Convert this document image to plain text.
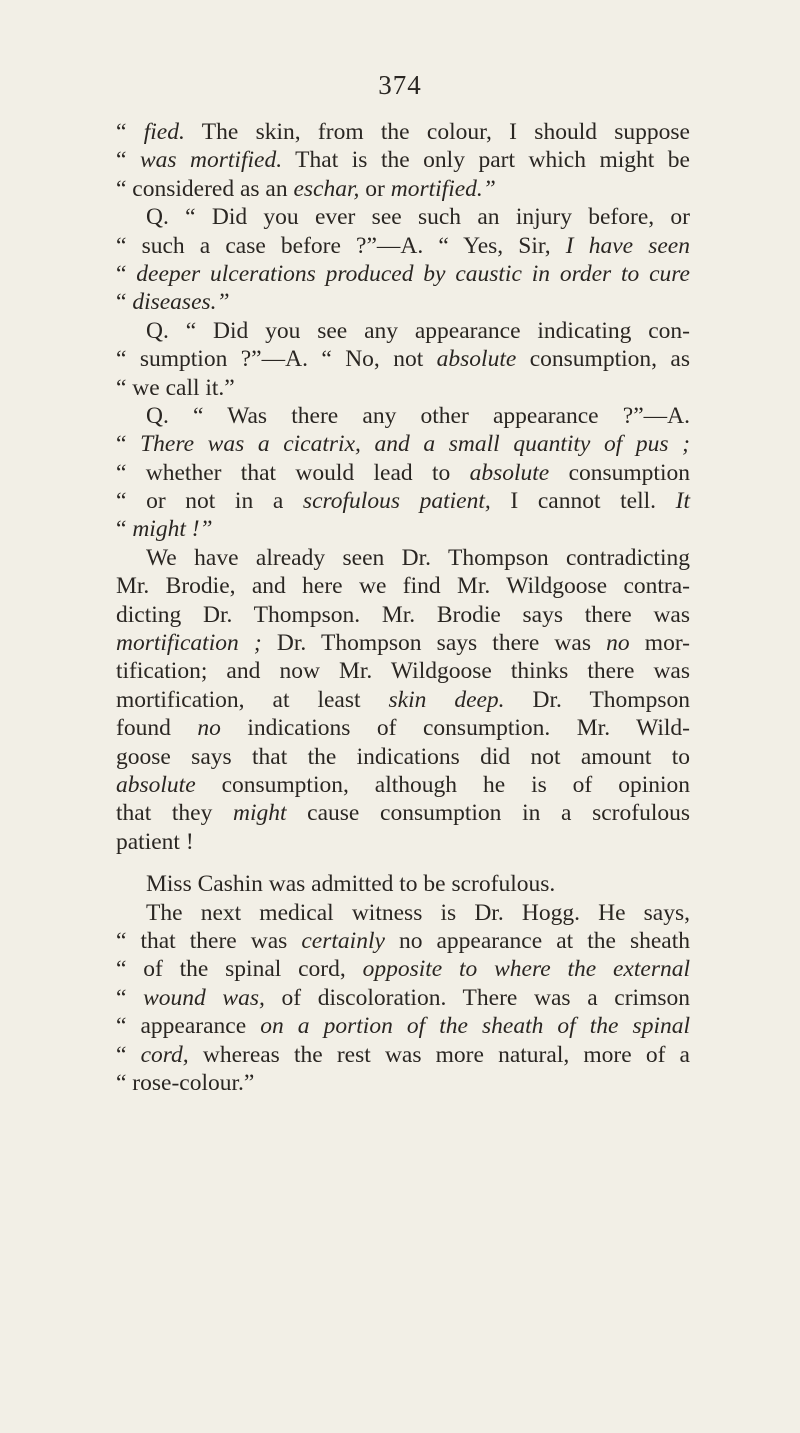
374
“ fied. The skin, from the colour, I should suppose
“ was mortified. That is the only part which might be
“ considered as an eschar, or mortified.”
Q. “ Did you ever see such an injury before, or
“ such a case before ?”—A. “ Yes, Sir, I have seen
“ deeper ulcerations produced by caustic in order to cure
“ diseases.”
Q. “ Did you see any appearance indicating con-
“ sumption ?”—A. “ No, not absolute consumption, as
“ we call it.”
Q. “ Was there any other appearance ?”—A.
“ There was a cicatrix, and a small quantity of pus ;
“ whether that would lead to absolute consumption
“ or not in a scrofulous patient, I cannot tell. It
“ might !”
We have already seen Dr. Thompson contradicting
Mr. Brodie, and here we find Mr. Wildgoose contra-
dicting Dr. Thompson. Mr. Brodie says there was
mortification ; Dr. Thompson says there was no mor-
tification; and now Mr. Wildgoose thinks there was
mortification, at least skin deep. Dr. Thompson
found no indications of consumption. Mr. Wild-
goose says that the indications did not amount to
absolute consumption, although he is of opinion
that they might cause consumption in a scrofulous
patient !
Miss Cashin was admitted to be scrofulous.
The next medical witness is Dr. Hogg. He says,
“ that there was certainly no appearance at the sheath
“ of the spinal cord, opposite to where the external
“ wound was, of discoloration. There was a crimson
“ appearance on a portion of the sheath of the spinal
“ cord, whereas the rest was more natural, more of a
“ rose-colour.”
